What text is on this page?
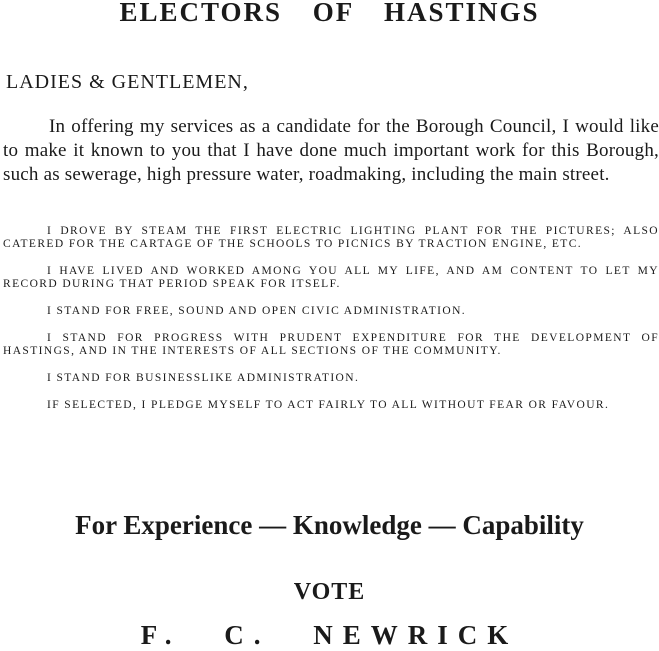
ELECTORS OF HASTINGS
LADIES & GENTLEMEN,
In offering my services as a candidate for the Borough Council, I would like to make it known to you that I have done much important work for this Borough, such as sewerage, high pressure water, roadmaking, including the main street.

I DROVE BY STEAM THE FIRST ELECTRIC LIGHTING PLANT FOR THE PICTURES; ALSO CATERED FOR THE CARTAGE OF THE SCHOOLS TO PICNICS BY TRACTION ENGINE, ETC.

I HAVE LIVED AND WORKED AMONG YOU ALL MY LIFE, AND AM CONTENT TO LET MY RECORD DURING THAT PERIOD SPEAK FOR ITSELF.

I STAND FOR FREE, SOUND AND OPEN CIVIC ADMINISTRATION.

I STAND FOR PROGRESS WITH PRUDENT EXPENDITURE FOR THE DEVELOPMENT OF HASTINGS, AND IN THE INTERESTS OF ALL SECTIONS OF THE COMMUNITY.

I STAND FOR BUSINESSLIKE ADMINISTRATION.

IF SELECTED, I PLEDGE MYSELF TO ACT FAIRLY TO ALL WITHOUT FEAR OR FAVOUR.

For Experience — Knowledge — Capability
VOTE
F. C. NEWRICK
